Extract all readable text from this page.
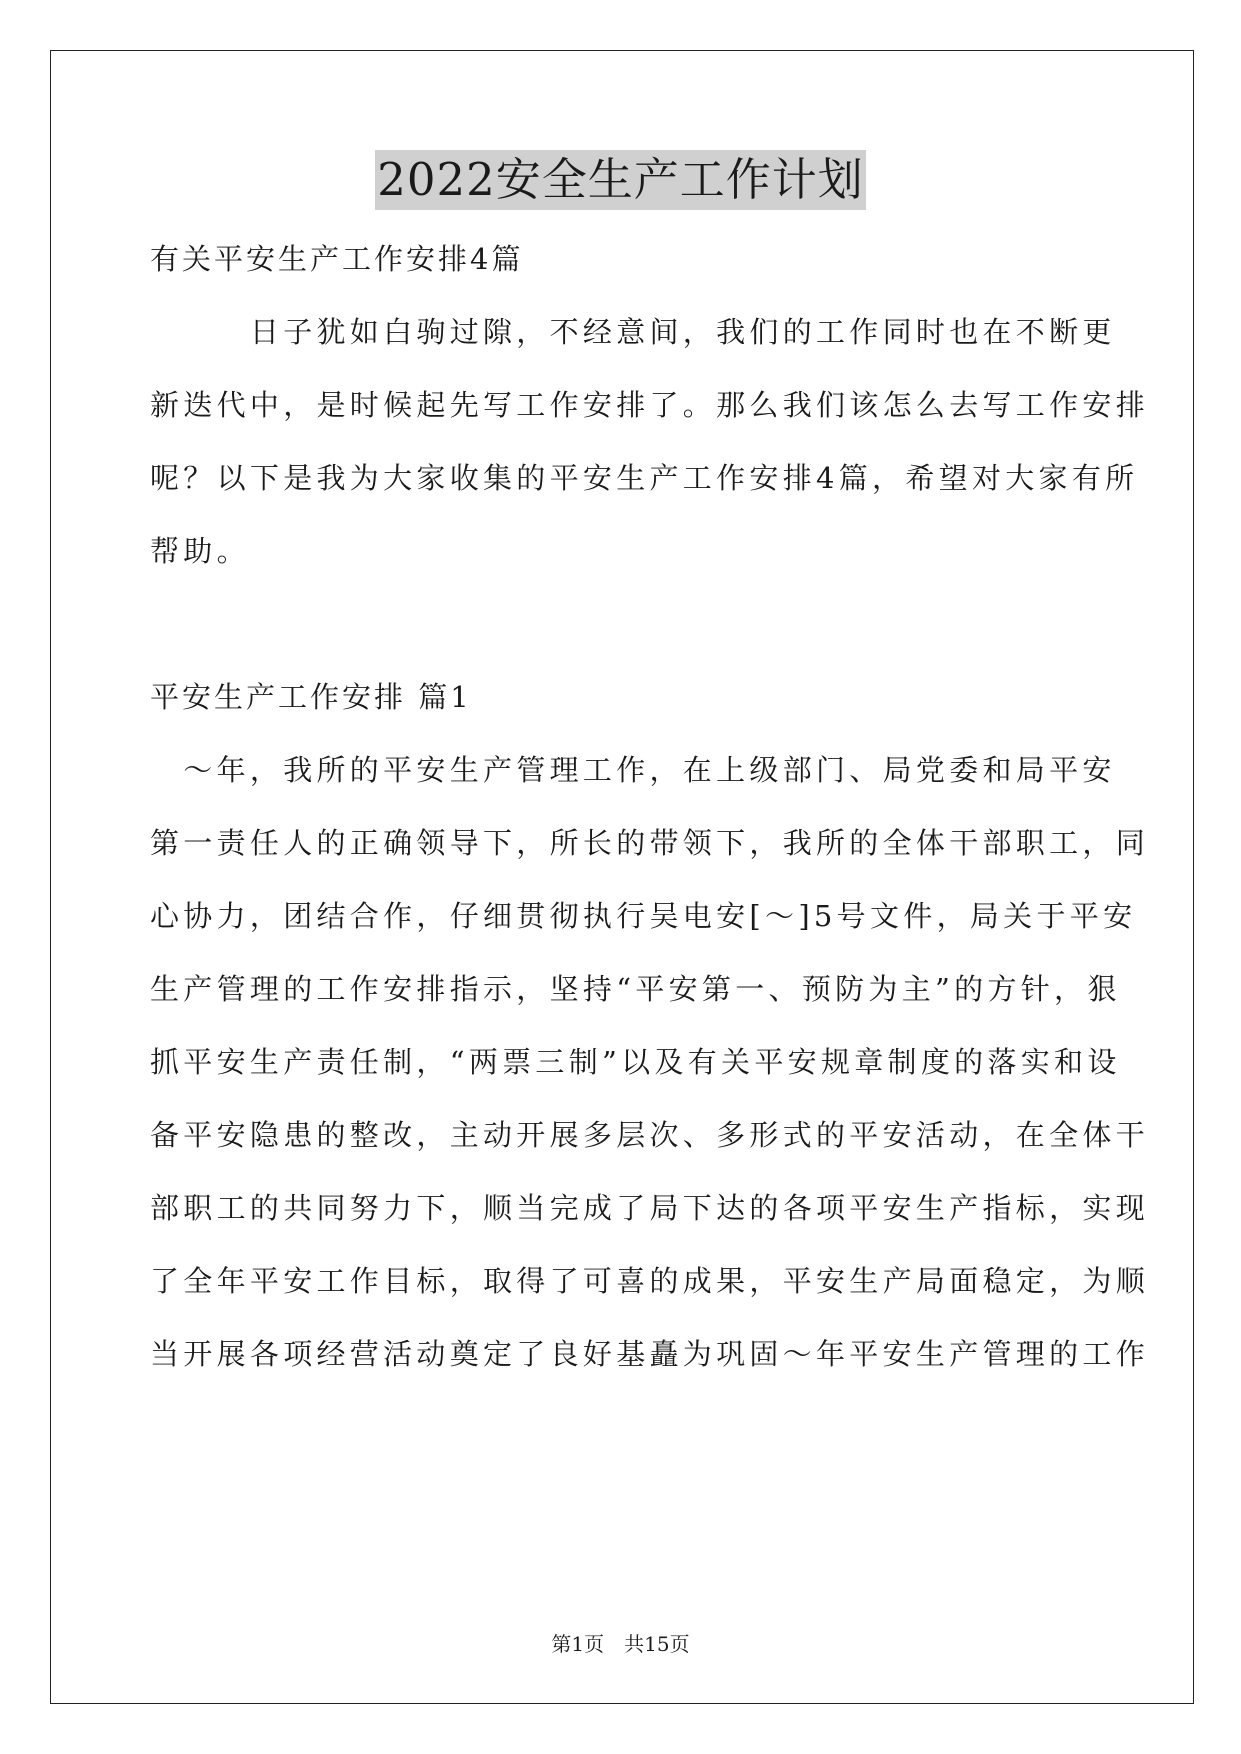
2022安全生产工作计划
有关平安生产工作安排4篇
　　　日子犹如白驹过隙，不经意间，我们的工作同时也在不断更
新迭代中，是时候起先写工作安排了。那么我们该怎么去写工作安排
呢？以下是我为大家收集的平安生产工作安排4篇，希望对大家有所
帮助。
平安生产工作安排 篇1
　～年，我所的平安生产管理工作，在上级部门、局党委和局平安
第一责任人的正确领导下，所长的带领下，我所的全体干部职工，同
心协力，团结合作，仔细贯彻执行吴电安[～]5号文件，局关于平安
生产管理的工作安排指示，坚持“平安第一、预防为主”的方针，狠
抓平安生产责任制，“两票三制”以及有关平安规章制度的落实和设
备平安隐患的整改，主动开展多层次、多形式的平安活动，在全体干
部职工的共同努力下，顺当完成了局下达的各项平安生产指标，实现
了全年平安工作目标，取得了可喜的成果，平安生产局面稳定，为顺
当开展各项经营活动奠定了良好基矗为巩固～年平安生产管理的工作
第1页　共15页
